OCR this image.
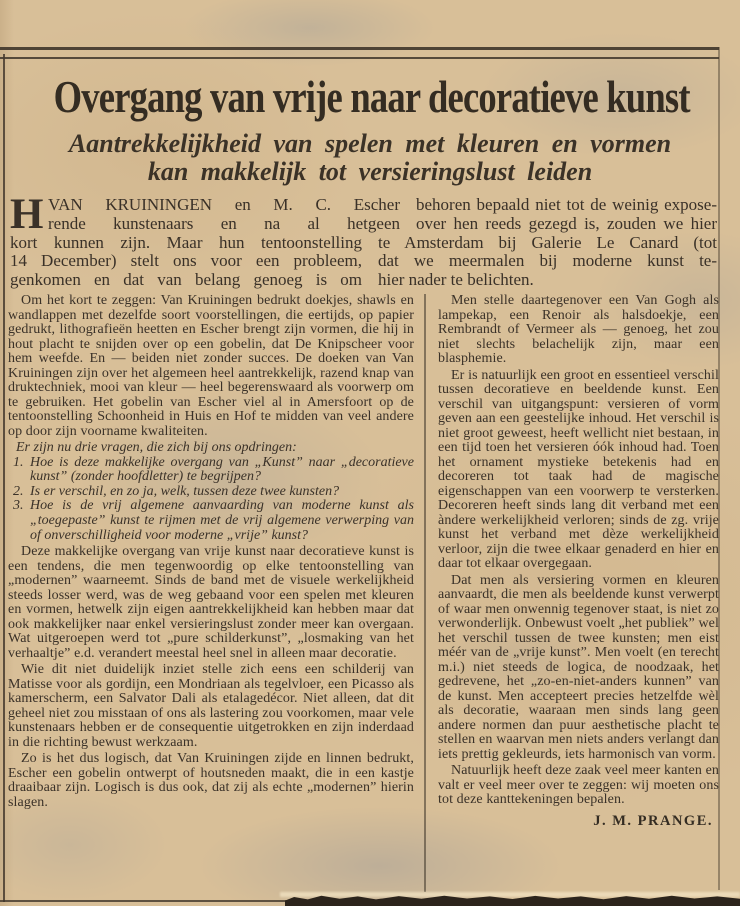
Overgang van vrije naar decoratieve kunst
Aantrekkelijkheid van spelen met kleuren en vormen
kan makkelijk tot versieringslust leiden
H VAN KRUININGEN en M. C. Escher behoren bepaald niet tot de weinig expose-
rende kunstenaars en na al hetgeen over hen reeds gezegd is, zouden we hier
kort kunnen zijn. Maar hun tentoonstelling te Amsterdam bij Galerie Le Canard (tot
14 December) stelt ons voor een probleem, dat we meermalen bij moderne kunst te-
genkomen en dat van belang genoeg is om hier nader te belichten.

Om het kort te zeggen: Van Kruiningen bedrukt doekjes, shawls en wandlappen met dezelfde soort voorstellingen, die eertijds, op papier gedrukt, lithografieën heetten en Escher brengt zijn vormen, die hij in hout placht te snijden over op een gobelin, dat De Knipscheer voor hem weefde. En — beiden niet zonder succes. De doeken van Van Kruiningen zijn over het algemeen heel aantrekkelijk, razend knap van druktechniek, mooi van kleur — heel begerenswaard als voorwerp om te gebruiken. Het gobelin van Escher viel al in Amersfoort op de tentoonstelling Schoonheid in Huis en Hof te midden van veel andere op door zijn voorname kwaliteiten.

Er zijn nu drie vragen, die zich bij ons opdringen:

1. Hoe is deze makkelijke overgang van „Kunst” naar „decoratieve kunst” (zonder hoofdletter) te begrijpen?
2. Is er verschil, en zo ja, welk, tussen deze twee kunsten?
3. Hoe is de vrij algemene aanvaarding van moderne kunst als „toegepaste” kunst te rijmen met de vrij algemene verwerping van of onverschilligheid voor moderne „vrije” kunst?

Deze makkelijke overgang van vrije kunst naar decoratieve kunst is een tendens, die men tegenwoordig op elke tentoonstelling van „modernen” waarneemt. Sinds de band met de visuele werkelijkheid steeds losser werd, was de weg gebaand voor een spelen met kleuren en vormen, hetwelk zijn eigen aantrekkelijkheid kan hebben maar dat ook makkelijker naar enkel versieringslust zonder meer kan overgaan. Wat uitgeroepen werd tot „pure schilderkunst”, „losmaking van het verhaaltje” e.d. verandert meestal heel snel in alleen maar decoratie.

Wie dit niet duidelijk inziet stelle zich eens een schilderij van Matisse voor als gordijn, een Mondriaan als tegelvloer, een Picasso als kamerscherm, een Salvator Dali als etalagedécor. Niet alleen, dat dit geheel niet zou misstaan of ons als lastering zou voorkomen, maar vele kunstenaars hebben er de consequentie uitgetrokken en zijn inderdaad in die richting bewust werkzaam.

Zo is het dus logisch, dat Van Kruiningen zijde en linnen bedrukt, Escher een gobelin ontwerpt of houtsneden maakt, die in een kastje draaibaar zijn. Logisch is dus ook, dat zij als echte „modernen” hierin slagen.

Men stelle daartegenover een Van Gogh als lampekap, een Renoir als halsdoekje, een Rembrandt of Vermeer als — genoeg, het zou niet slechts belachelijk zijn, maar een blasphemie.

Er is natuurlijk een groot en essentieel verschil tussen decoratieve en beeldende kunst. Een verschil van uitgangspunt: versieren of vorm geven aan een geestelijke inhoud. Het verschil is niet groot geweest, heeft wellicht niet bestaan, in een tijd toen het versieren óók inhoud had. Toen het ornament mystieke betekenis had en decoreren tot taak had de magische eigenschappen van een voorwerp te versterken. Decoreren heeft sinds lang dit verband met een àndere werkelijkheid verloren; sinds de zg. vrije kunst het verband met dèze werkelijkheid verloor, zijn die twee elkaar genaderd en hier en daar tot elkaar overgegaan.

Dat men als versiering vormen en kleuren aanvaardt, die men als beeldende kunst verwerpt of waar men onwennig tegenover staat, is niet zo verwonderlijk. Onbewust voelt „het publiek” wel het verschil tussen de twee kunsten; men eist méér van de „vrije kunst”. Men voelt (en terecht m.i.) niet steeds de logica, de noodzaak, het gedrevene, het „zo-en-niet-anders kunnen” van de kunst. Men accepteert precies hetzelfde wèl als decoratie, waaraan men sinds lang geen andere normen dan puur aesthetische placht te stellen en waarvan men niets anders verlangt dan iets prettig gekleurds, iets harmonisch van vorm.

Natuurlijk heeft deze zaak veel meer kanten en valt er veel meer over te zeggen: wij moeten ons tot deze kanttekeningen bepalen.

J. M. PRANGE.
